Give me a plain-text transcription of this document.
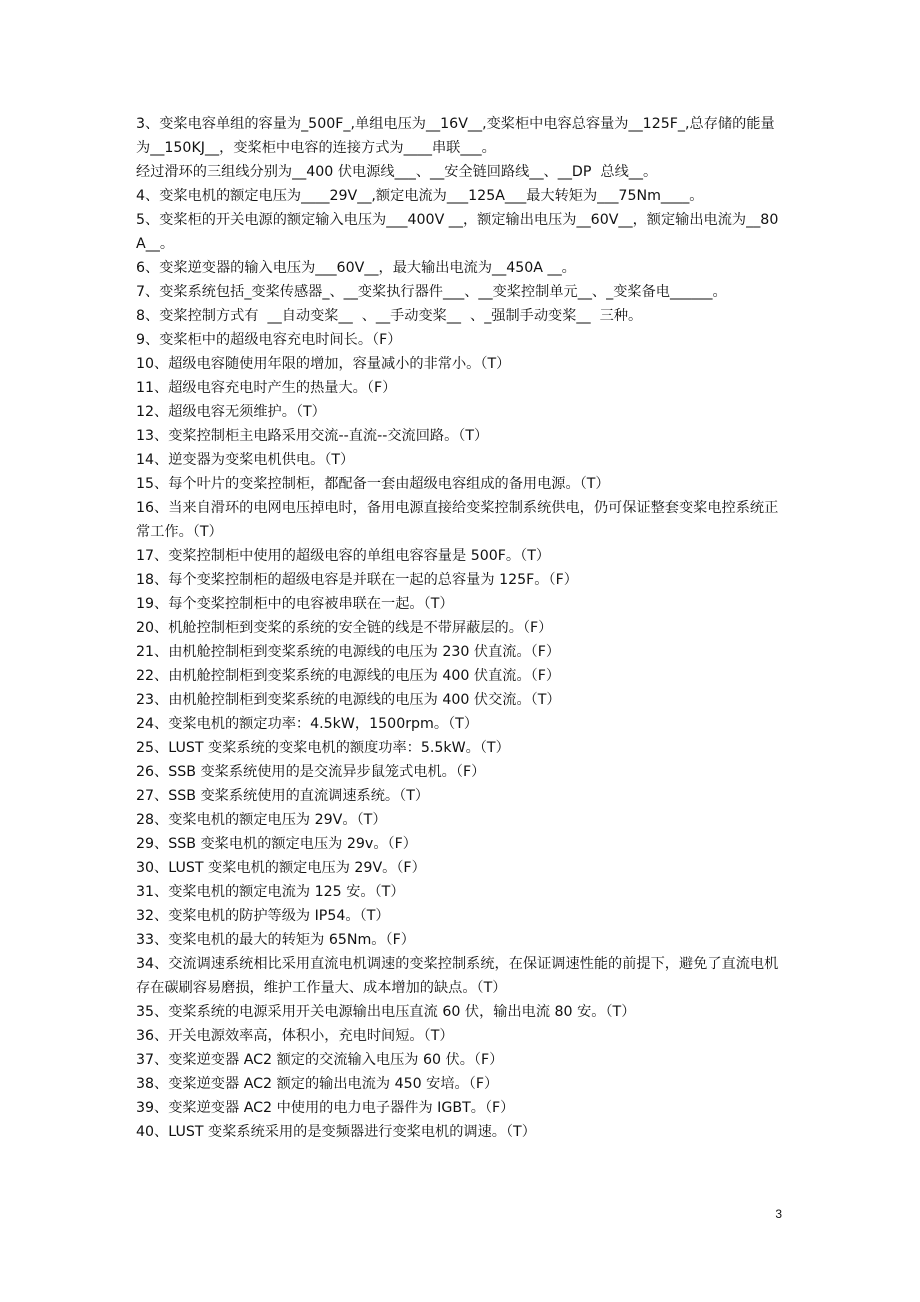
3、变桨电容单组的容量为_500F_,单组电压为__16V__,变桨柜中电容总容量为__125F_,总存储的能量为__150KJ__，变桨柜中电容的连接方式为____串联___。
经过滑环的三组线分别为__400 伏电源线___、__安全链回路线__、__DP  总线__。
4、变桨电机的额定电压为____29V__,额定电流为___125A___最大转矩为___75Nm____。
5、变桨柜的开关电源的额定输入电压为___400V __，额定输出电压为__60V__，额定输出电流为__80A__。
6、变桨逆变器的输入电压为___60V__，最大输出电流为__450A __。
7、变桨系统包括_变桨传感器_、__变桨执行器件___、__变桨控制单元__、_变桨备电______。
8、变桨控制方式有  __自动变桨__  、__手动变桨__  、_强制手动变桨__  三种。
9、变桨柜中的超级电容充电时间长。（F）
10、超级电容随使用年限的增加，容量减小的非常小。（T）
11、超级电容充电时产生的热量大。（F）
12、超级电容无须维护。（T）
13、变桨控制柜主电路采用交流--直流--交流回路。（T）
14、逆变器为变桨电机供电。（T）
15、每个叶片的变桨控制柜，都配备一套由超级电容组成的备用电源。（T）
16、当来自滑环的电网电压掉电时，备用电源直接给变桨控制系统供电，仍可保证整套变桨电控系统正常工作。（T）
17、变桨控制柜中使用的超级电容的单组电容容量是 500F。（T）
18、每个变桨控制柜的超级电容是并联在一起的总容量为 125F。（F）
19、每个变桨控制柜中的电容被串联在一起。（T）
20、机舱控制柜到变桨的系统的安全链的线是不带屏蔽层的。（F）
21、由机舱控制柜到变桨系统的电源线的电压为 230 伏直流。（F）
22、由机舱控制柜到变桨系统的电源线的电压为 400 伏直流。（F）
23、由机舱控制柜到变桨系统的电源线的电压为 400 伏交流。（T）
24、变桨电机的额定功率：4.5kW，1500rpm。（T）
25、LUST 变桨系统的变桨电机的额度功率：5.5kW。（T）
26、SSB 变桨系统使用的是交流异步鼠笼式电机。（F）
27、SSB 变桨系统使用的直流调速系统。（T）
28、变桨电机的额定电压为 29V。（T）
29、SSB 变桨电机的额定电压为 29v。（F）
30、LUST 变桨电机的额定电压为 29V。（F）
31、变桨电机的额定电流为 125 安。（T）
32、变桨电机的防护等级为 IP54。（T）
33、变桨电机的最大的转矩为 65Nm。（F）
34、交流调速系统相比采用直流电机调速的变桨控制系统，在保证调速性能的前提下，避免了直流电机存在碳刷容易磨损，维护工作量大、成本增加的缺点。（T）
35、变桨系统的电源采用开关电源输出电压直流 60 伏，输出电流 80 安。（T）
36、开关电源效率高，体积小，充电时间短。（T）
37、变桨逆变器 AC2 额定的交流输入电压为 60 伏。（F）
38、变桨逆变器 AC2 额定的输出电流为 450 安培。（F）
39、变桨逆变器 AC2 中使用的电力电子器件为 IGBT。（F）
40、LUST 变桨系统采用的是变频器进行变桨电机的调速。（T）
3
